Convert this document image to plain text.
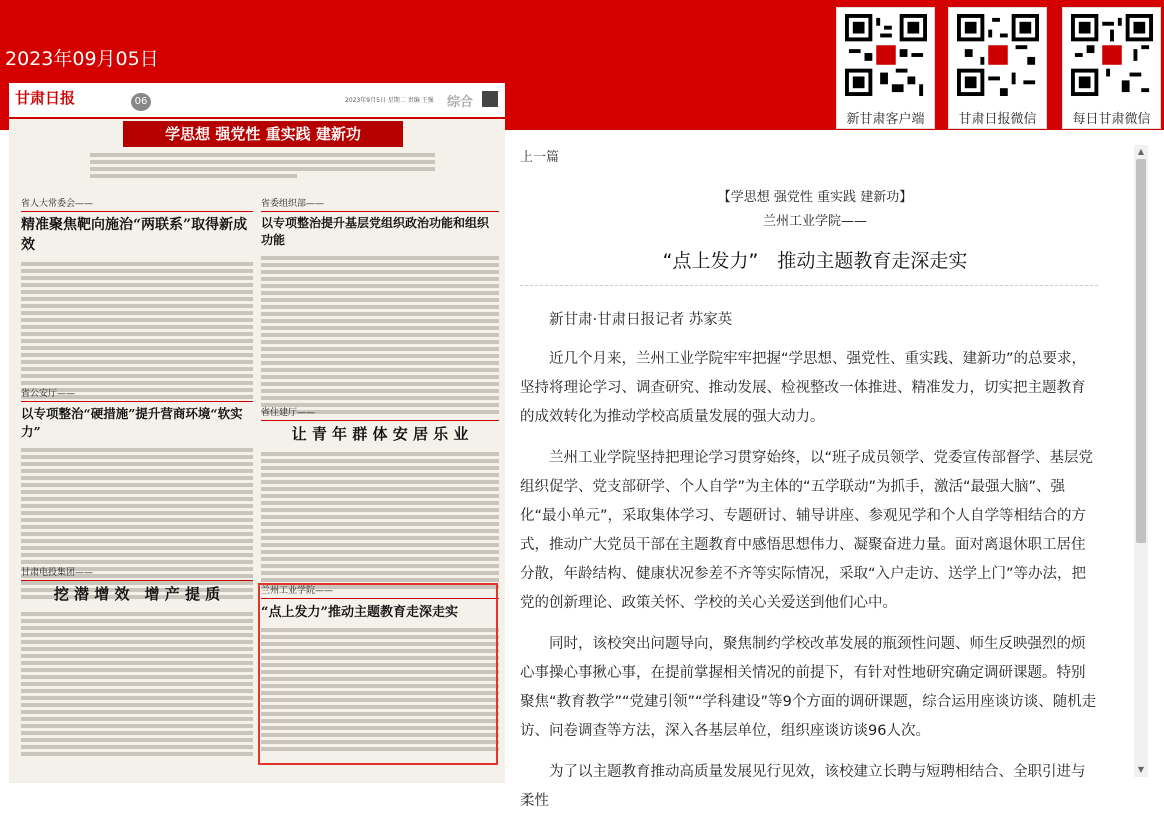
2023年09月05日
新甘肃客户端	甘肃日报微信	每日甘肃微信
甘肃日报	06	2023年9月5日 星期二 责编 王强 综合
学思想 强党性 重实践 建新功
省人大常委会——
精准聚焦靶向施治“两联系”取得新成效
省委组织部——
以专项整治提升基层党组织政治功能和组织功能
省公安厅——
以专项整治“硬措施”提升营商环境“软实力”
省住建厅——
让 青 年 群 体 安 居 乐 业
甘肃电投集团——
挖 潜 增 效　增 产 提 质	兰州工业学院——
“点上发力”推动主题教育走深走实
上一篇
【学思想 强党性 重实践 建新功】
兰州工业学院——
“点上发力”　推动主题教育走深走实

新甘肃·甘肃日报记者 苏家英

近几个月来，兰州工业学院牢牢把握“学思想、强党性、重实践、建新功”的总要求，坚持将理论学习、调查研究、推动发展、检视整改一体推进、精准发力，切实把主题教育的成效转化为推动学校高质量发展的强大动力。

兰州工业学院坚持把理论学习贯穿始终，以“班子成员领学、党委宣传部督学、基层党组织促学、党支部研学、个人自学”为主体的“五学联动”为抓手，激活“最强大脑”、强化“最小单元”，采取集体学习、专题研讨、辅导讲座、参观见学和个人自学等相结合的方式，推动广大党员干部在主题教育中感悟思想伟力、凝聚奋进力量。面对离退休职工居住分散，年龄结构、健康状况参差不齐等实际情况，采取“入户走访、送学上门”等办法，把党的创新理论、政策关怀、学校的关心关爱送到他们心中。

同时，该校突出问题导向，聚焦制约学校改革发展的瓶颈性问题、师生反映强烈的烦心事操心事揪心事，在提前掌握相关情况的前提下，有针对性地研究确定调研课题。特别聚焦“教育教学”“党建引领”“学科建设”等9个方面的调研课题，综合运用座谈访谈、随机走访、问卷调查等方法，深入各基层单位，组织座谈访谈96人次。

为了以主题教育推动高质量发展见行见效，该校建立长聘与短聘相结合、全职引进与柔性

▲
▼
